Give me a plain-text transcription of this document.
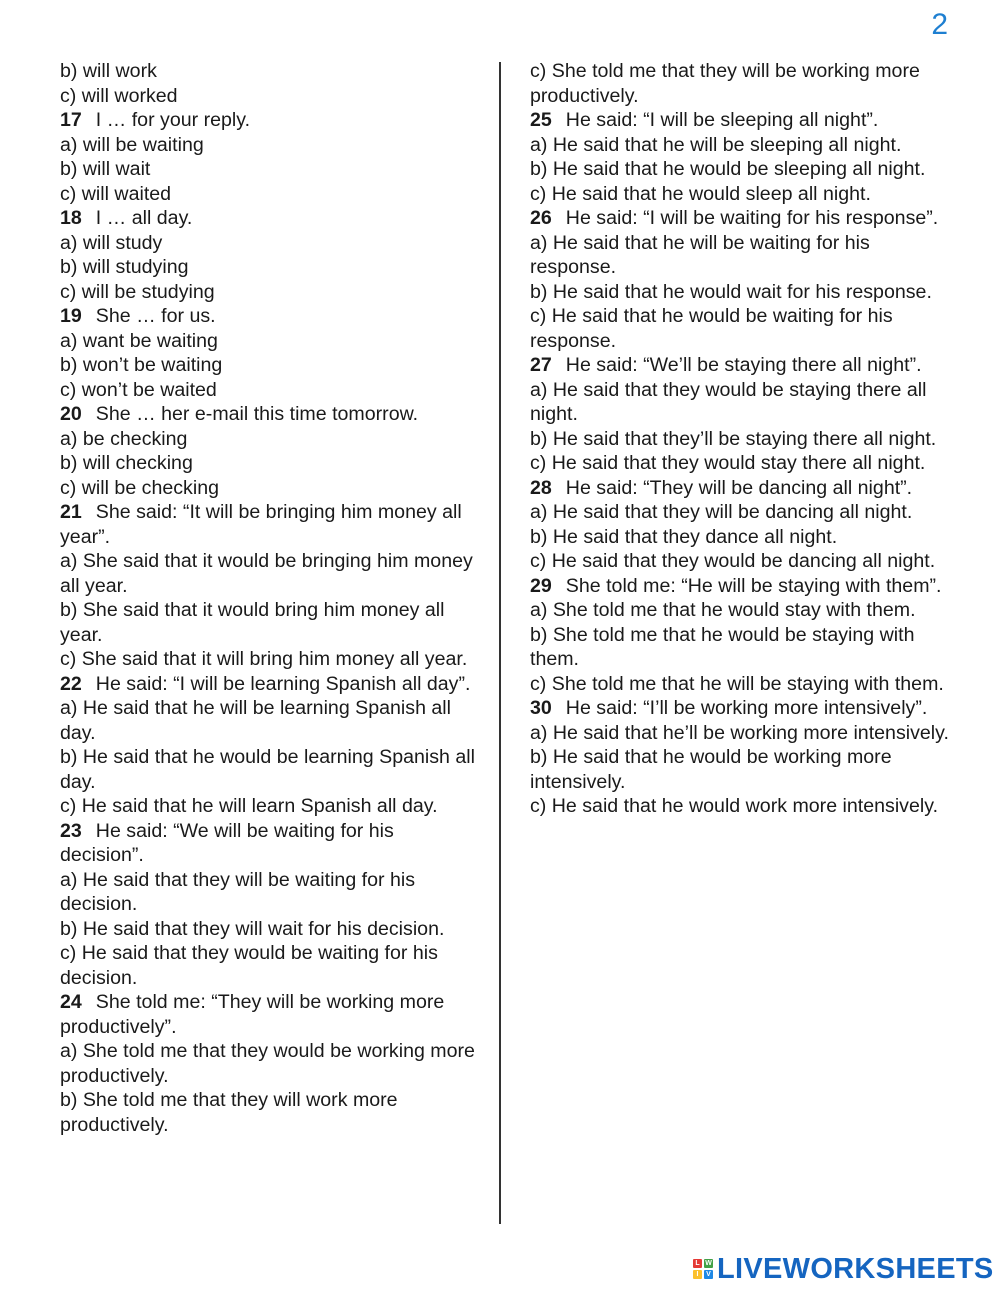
2
b) will work
c) will worked
17 I … for your reply.
a) will be waiting
b) will wait
c) will waited
18 I … all day.
a) will study
b) will studying
c) will be studying
19 She … for us.
a) want be waiting
b) won’t be waiting
c) won’t be waited
20 She … her e-mail this time tomorrow.
a) be checking
b) will checking
c) will be checking
21 She said: “It will be bringing him money all year”.
a) She said that it would be bringing him money all year.
b) She said that it would bring him money all year.
c) She said that it will bring him money all year.
22 He said: “I will be learning Spanish all day”.
a) He said that he will be learning Spanish all day.
b) He said that he would be learning Spanish all day.
c) He said that he will learn Spanish all day.
23 He said: “We will be waiting for his decision”.
a) He said that they will be waiting for his decision.
b) He said that they will wait for his decision.
c) He said that they would be waiting for his decision.
24 She told me: “They will be working more productively”.
a) She told me that they would be working more productively.
b) She told me that they will work more productively.
c) She told me that they will be working more productively.
25 He said: “I will be sleeping all night”.
a) He said that he will be sleeping all night.
b) He said that he would be sleeping all night.
c) He said that he would sleep all night.
26 He said: “I will be waiting for his response”.
a) He said that he will be waiting for his response.
b) He said that he would wait for his response.
c) He said that he would be waiting for his response.
27 He said: “We’ll be staying there all night”.
a) He said that they would be staying there all night.
b) He said that they’ll be staying there all night.
c) He said that they would stay there all night.
28 He said: “They will be dancing all night”.
a) He said that they will be dancing all night.
b) He said that they dance all night.
c) He said that they would be dancing all night.
29 She told me: “He will be staying with them”.
a) She told me that he would stay with them.
b) She told me that he would be staying with them.
c) She told me that he will be staying with them.
30 He said: “I’ll be working more intensively”.
a) He said that he’ll be working more intensively.
b) He said that he would be working more intensively.
c) He said that he would work more intensively.
L W
I	V LIVEWORKSHEETS
